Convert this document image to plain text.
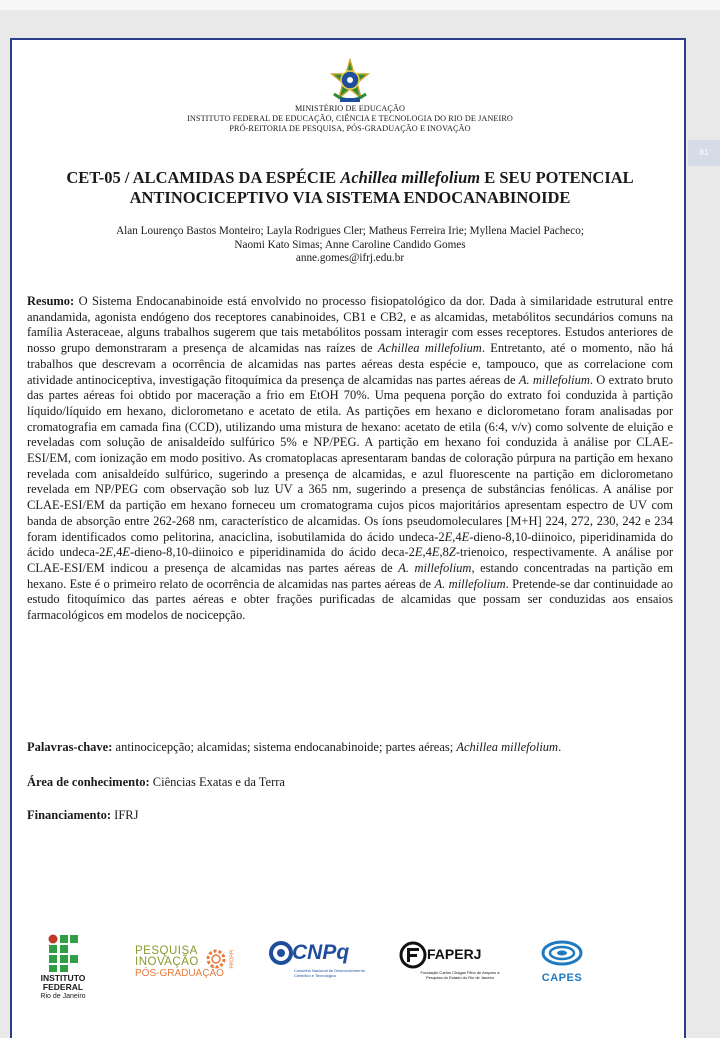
81
MINISTÉRIO DE EDUCAÇÃO
INSTITUTO FEDERAL DE EDUCAÇÃO, CIÊNCIA E TECNOLOGIA DO RIO DE JANEIRO
PRÓ-REITORIA DE PESQUISA, PÓS-GRADUAÇÃO E INOVAÇÃO
CET-05 / ALCAMIDAS DA ESPÉCIE Achillea millefolium E SEU POTENCIAL
ANTINOCICEPTIVO VIA SISTEMA ENDOCANABINOIDE
Alan Lourenço Bastos Monteiro; Layla Rodrigues Cler; Matheus Ferreira Irie; Myllena Maciel Pacheco;
Naomi Kato Simas; Anne Caroline Candido Gomes
anne.gomes@ifrj.edu.br
Resumo: O Sistema Endocanabinoide está envolvido no processo fisiopatológico da dor. Dada à similaridade estrutural entre anandamida, agonista endógeno dos receptores canabinoides, CB1 e CB2, e as alcamidas, metabólitos secundários comuns na família Asteraceae, alguns trabalhos sugerem que tais metabólitos possam interagir com esses receptores. Estudos anteriores de nosso grupo demonstraram a presença de alcamidas nas raízes de Achillea millefolium. Entretanto, até o momento, não há trabalhos que descrevam a ocorrência de alcamidas nas partes aéreas desta espécie e, tampouco, que as correlacione com atividade antinociceptiva, investigação fitoquímica da presença de alcamidas nas partes aéreas de A. millefolium. O extrato bruto das partes aéreas foi obtido por maceração a frio em EtOH 70%. Uma pequena porção do extrato foi conduzida à partição líquido/líquido em hexano, diclorometano e acetato de etila. As partições em hexano e diclorometano foram analisadas por cromatografia em camada fina (CCD), utilizando uma mistura de hexano: acetato de etila (6:4, v/v) como solvente de eluição e reveladas com solução de anisaldeído sulfúrico 5% e NP/PEG. A partição em hexano foi conduzida à análise por CLAE-ESI/EM, com ionização em modo positivo. As cromatoplacas apresentaram bandas de coloração púrpura na partição em hexano revelada com anisaldeído sulfúrico, sugerindo a presença de alcamidas, e azul fluorescente na partição em diclorometano revelada em NP/PEG com observação sob luz UV a 365 nm, sugerindo a presença de substâncias fenólicas. A análise por CLAE-ESI/EM da partição em hexano forneceu um cromatograma cujos picos majoritários apresentam espectro de UV com banda de absorção entre 262-268 nm, característico de alcamidas. Os íons pseudomoleculares [M+H] 224, 272, 230, 242 e 234 foram identificados como pelitorina, anaciclina, isobutilamida do ácido undeca-2E,4E-dieno-8,10-diinoico, piperidinamida do ácido undeca-2E,4E-dieno-8,10-diinoico e piperidinamida do ácido deca-2E,4E,8Z-trienoico, respectivamente. A análise por CLAE-ESI/EM indicou a presença de alcamidas nas partes aéreas de A. millefolium, estando concentradas na partição em hexano. Este é o primeiro relato de ocorrência de alcamidas nas partes aéreas de A. millefolium. Pretende-se dar continuidade ao estudo fitoquímico das partes aéreas e obter frações purificadas de alcamidas que possam ser conduzidas aos ensaios farmacológicos em modelos de nocicepção.
Palavras-chave: antinocicepção; alcamidas; sistema endocanabinoide; partes aéreas; Achillea millefolium.
Área de conhecimento: Ciências Exatas e da Terra
Financiamento: IFRJ
INSTITUTO
FEDERAL
Rio de Janeiro
PESQUISA
INOVAÇÃO
PÓS-GRADUAÇÃO
PROPPI	CNPq
Conselho Nacional de Desenvolvimento Científico e Tecnológico
FAPERJ
Fundação Carlos Chagas Filho de Amparo à Pesquisa do Estado do Rio de Janeiro	CAPES
